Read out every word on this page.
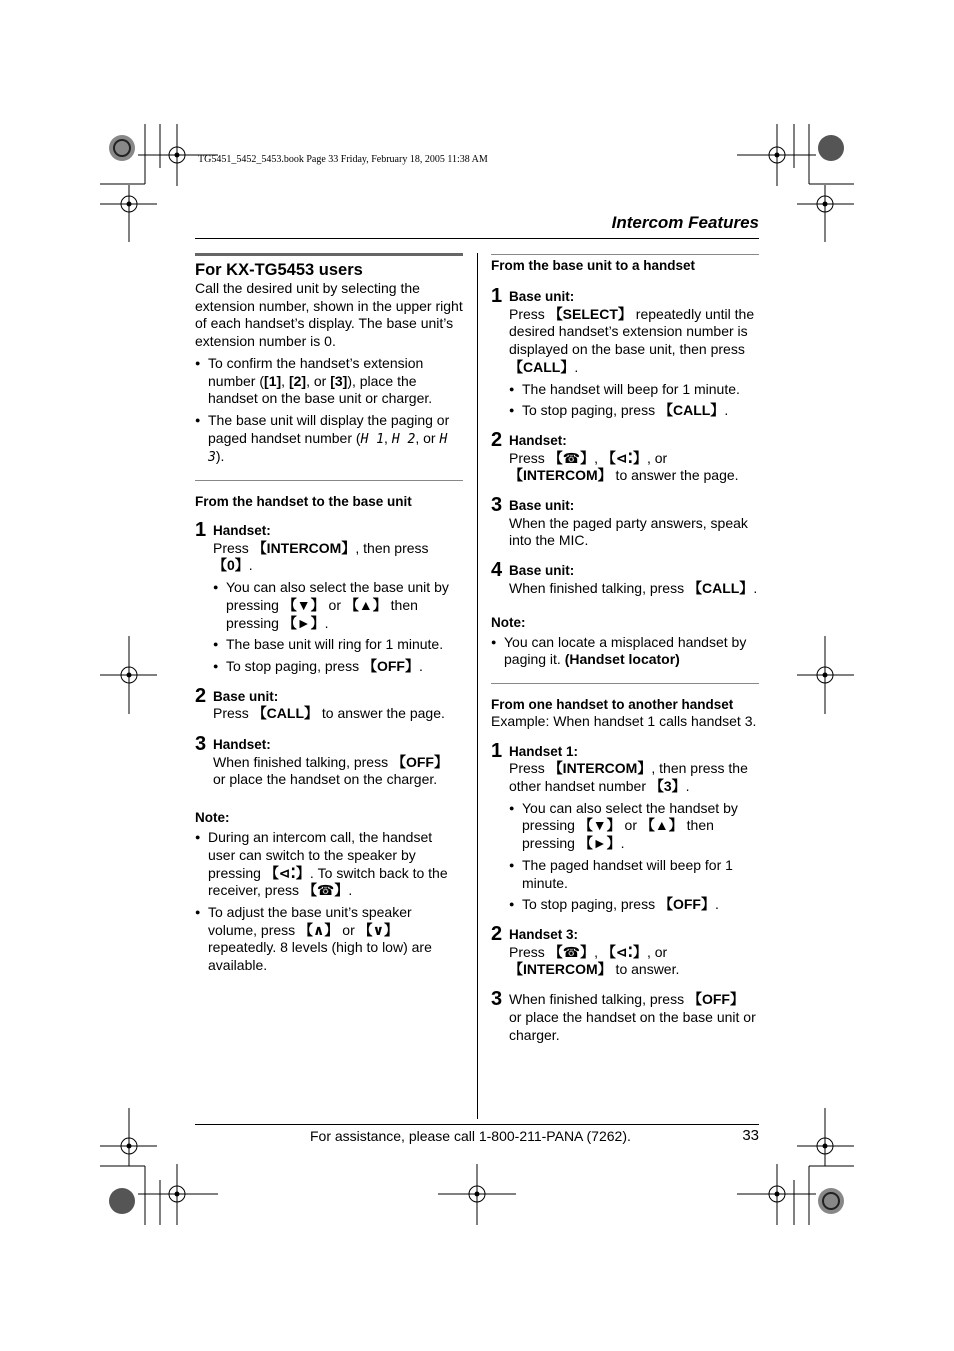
TG5451_5452_5453.book Page 33 Friday, February 18, 2005 11:38 AM
Intercom Features

For KX-TG5453 users

Call the desired unit by selecting the extension number, shown in the upper right of each handset’s display. The base unit’s extension number is 0.

● To confirm the handset’s extension number ([1], [2], or [3]), place the handset on the base unit or charger.
● The base unit will display the paging or paged handset number (H 1, H 2, or H 3).

From the handset to the base unit

1 Handset:
Press 【INTERCOM】, then press 【0】.
● You can also select the base unit by pressing 【▼】 or 【▲】 then pressing 【►】.
● The base unit will ring for 1 minute.
● To stop paging, press 【OFF】.
2 Base unit:
Press 【CALL】 to answer the page.
3 Handset:
When finished talking, press 【OFF】 or place the handset on the charger.

Note:

● During an intercom call, the handset user can switch to the speaker by pressing 【⊲⁚】. To switch back to the receiver, press 【☎】.
● To adjust the base unit’s speaker volume, press 【∧】 or 【∨】 repeatedly. 8 levels (high to low) are available.

From the base unit to a handset

1 Base unit:
Press 【SELECT】 repeatedly until the desired handset’s extension number is displayed on the base unit, then press 【CALL】.
● The handset will beep for 1 minute.
● To stop paging, press 【CALL】.
2 Handset:
Press 【☎】, 【⊲⁚】, or 【INTERCOM】 to answer the page.
3 Base unit:
When the paged party answers, speak into the MIC.
4 Base unit:
When finished talking, press 【CALL】.

Note:

● You can locate a misplaced handset by paging it. (Handset locator)

From one handset to another handset

Example: When handset 1 calls handset 3.

1 Handset 1:
Press 【INTERCOM】, then press the other handset number 【3】.
● You can also select the handset by pressing 【▼】 or 【▲】 then pressing 【►】.
● The paged handset will beep for 1 minute.
● To stop paging, press 【OFF】.
2 Handset 3:
Press 【☎】, 【⊲⁚】, or 【INTERCOM】 to answer.
3 When finished talking, press 【OFF】 or place the handset on the base unit or charger.
For assistance, please call 1-800-211-PANA (7262).	33
